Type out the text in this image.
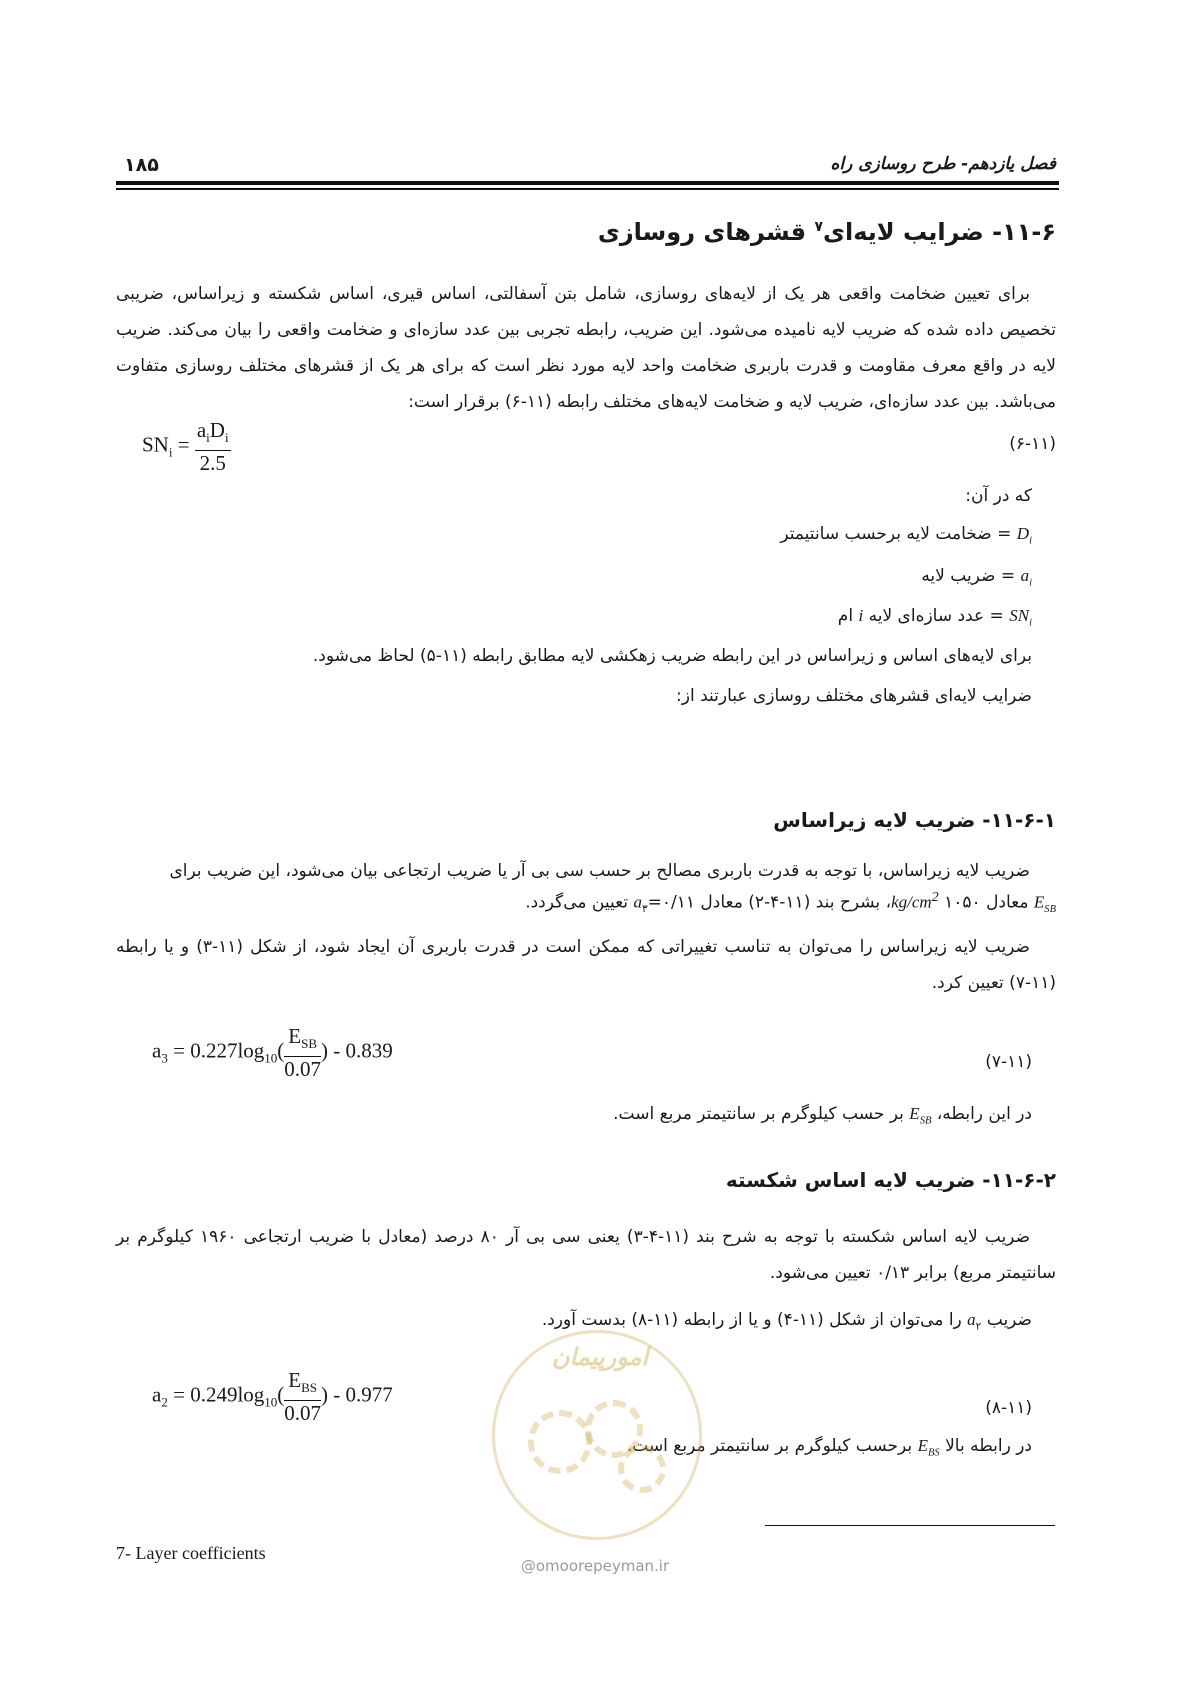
۱۸۵	فصل یازدهم- طرح روسازی راه
۱۱-۶- ضرایب لایه‌ای$^۷$ قشرهای روسازی
برای تعیین ضخامت واقعی هر یک از لایه‌های روسازی، شامل بتن آسفالتی، اساس قیری، اساس شکسته و زیراساس، ضریبی تخصیص داده شده که ضریب لایه نامیده می‌شود. این ضریب، رابطه تجربی بین عدد سازه‌ای و ضخامت واقعی را بیان می‌کند. ضریب لایه در واقع معرف مقاومت و قدرت باربری ضخامت واحد لایه مورد نظر است که برای هر یک از قشرهای مختلف روسازی متفاوت می‌باشد. بین عدد سازه‌ای، ضریب لایه و ضخامت لایه‌های مختلف رابطه (۱۱-۶) برقرار است:
$SN_i = \frac{a_iD_i}{2.5}$	(۶-۱۱)
که در آن:
$D_i$ = ضخامت لایه برحسب سانتیمتر
$a_i$ = ضریب لایه
$SN_i$ = عدد سازه‌ای لایه i ام
برای لایه‌های اساس و زیراساس در این رابطه ضریب زهکشی لایه مطابق رابطه (۱۱-۵) لحاظ می‌شود.
ضرایب لایه‌ای قشرهای مختلف روسازی عبارتند از:
۱۱-۶-۱- ضریب لایه زیراساس
ضریب لایه زیراساس، با توجه به قدرت باربری مصالح بر حسب سی بی آر یا ضریب ارتجاعی بیان می‌شود، این ضریب برای
$E_{SB}$ معادل $kg/cm^2$ ۱۰۵۰، بشرح بند (۱۱-۴-۲) معادل $۰/۱۱=a_۳$ تعیین می‌گردد.
ضریب لایه زیراساس را می‌توان به تناسب تغییراتی که ممکن است در قدرت باربری آن ایجاد شود، از شکل (۱۱-۳) و یا رابطه (۱۱-۷) تعیین کرد.
$a_3 = 0.227\log_{10}( \frac{E_{SB}}{0.07}$ ) - 0.839	(۷-۱۱)
در این رابطه، $E_{SB}$ بر حسب کیلوگرم بر سانتیمتر مربع است.
۱۱-۶-۲- ضریب لایه اساس شکسته
ضریب لایه اساس شکسته با توجه به شرح بند (۱۱-۴-۳) یعنی سی بی آر ۸۰ درصد (معادل با ضریب ارتجاعی ۱۹۶۰ کیلوگرم بر سانتیمتر مربع) برابر ۰/۱۳ تعیین می‌شود.
ضریب $a_۲$ را می‌توان از شکل (۱۱-۴) و یا از رابطه (۱۱-۸) بدست آورد.
$a_2 = 0.249\log_{10}( \frac{E_{BS}}{0.07}$ ) - 0.977
(۸-۱۱)
در رابطه بالا $E_{BS}$ برحسب کیلوگرم بر سانتیمتر مربع است.
امورپیمان
@omoorepeyman.ir
7- Layer coefficients
